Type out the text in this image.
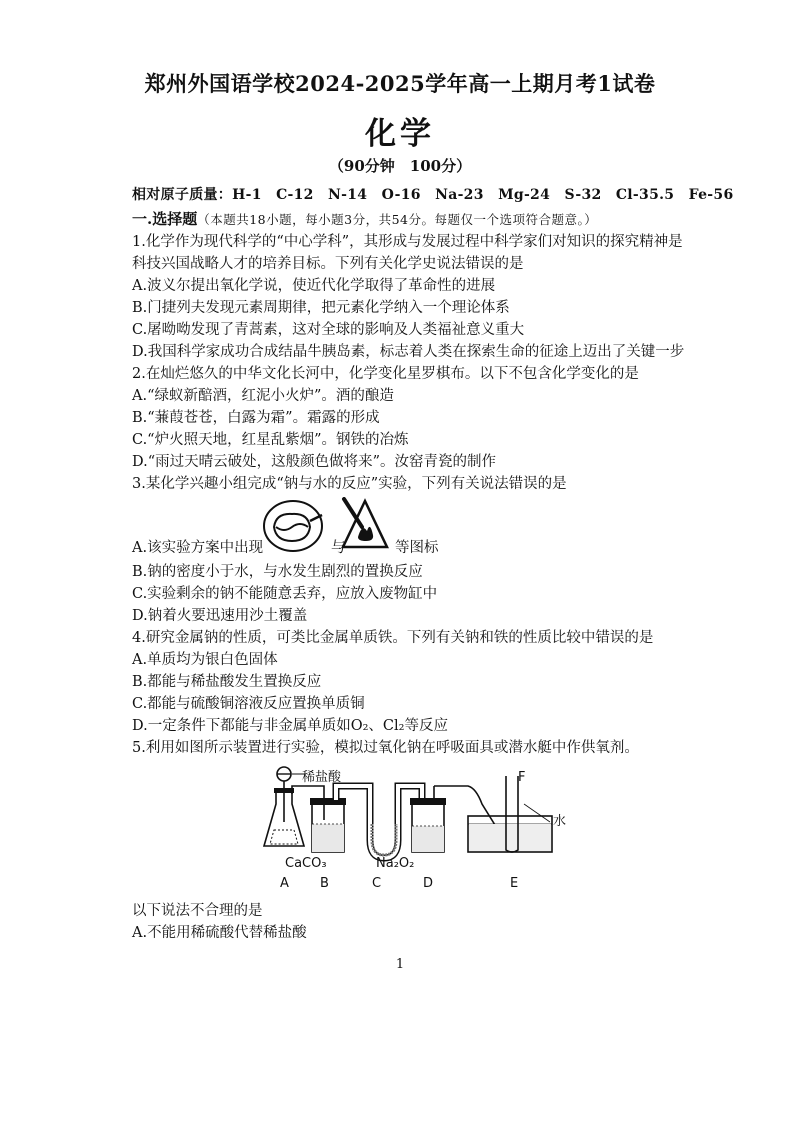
郑州外国语学校2024-2025学年高一上期月考1试卷
化学
（90分钟　100分）
相对原子质量：H-1　C-12　N-14　O-16　Na-23　Mg-24　S-32　Cl-35.5　Fe-56
一.选择题（本题共18小题，每小题3分，共54分。每题仅一个选项符合题意。）
1.化学作为现代科学的“中心学科”，其形成与发展过程中科学家们对知识的探究精神是
科技兴国战略人才的培养目标。下列有关化学史说法错误的是
A.波义尔提出氧化学说，使近代化学取得了革命性的进展
B.门捷列夫发现元素周期律，把元素化学纳入一个理论体系
C.屠呦呦发现了青蒿素，这对全球的影响及人类福祉意义重大
D.我国科学家成功合成结晶牛胰岛素，标志着人类在探索生命的征途上迈出了关键一步
2.在灿烂悠久的中华文化长河中，化学变化星罗棋布。以下不包含化学变化的是
A.“绿蚁新醅酒，红泥小火炉”。酒的酿造
B.“蒹葭苍苍，白露为霜”。霜露的形成
C.“炉火照天地，红星乱紫烟”。钢铁的冶炼
D.“雨过天晴云破处，这般颜色做将来”。汝窑青瓷的制作
3.某化学兴趣小组完成“钠与水的反应”实验，下列有关说法错误的是
A.该实验方案中出现	与	等图标
B.钠的密度小于水，与水发生剧烈的置换反应
C.实验剩余的钠不能随意丢弃，应放入废物缸中
D.钠着火要迅速用沙土覆盖
4.研究金属钠的性质，可类比金属单质铁。下列有关钠和铁的性质比较中错误的是
A.单质均为银白色固体
B.都能与稀盐酸发生置换反应
C.都能与硫酸铜溶液反应置换单质铜
D.一定条件下都能与非金属单质如O₂、Cl₂等反应
5.利用如图所示装置进行实验，模拟过氧化钠在呼吸面具或潜水艇中作供氧剂。
稀盐酸	F
水
CaCO₃	Na₂O₂
A B	C	D	E
以下说法不合理的是
A.不能用稀硫酸代替稀盐酸
1
